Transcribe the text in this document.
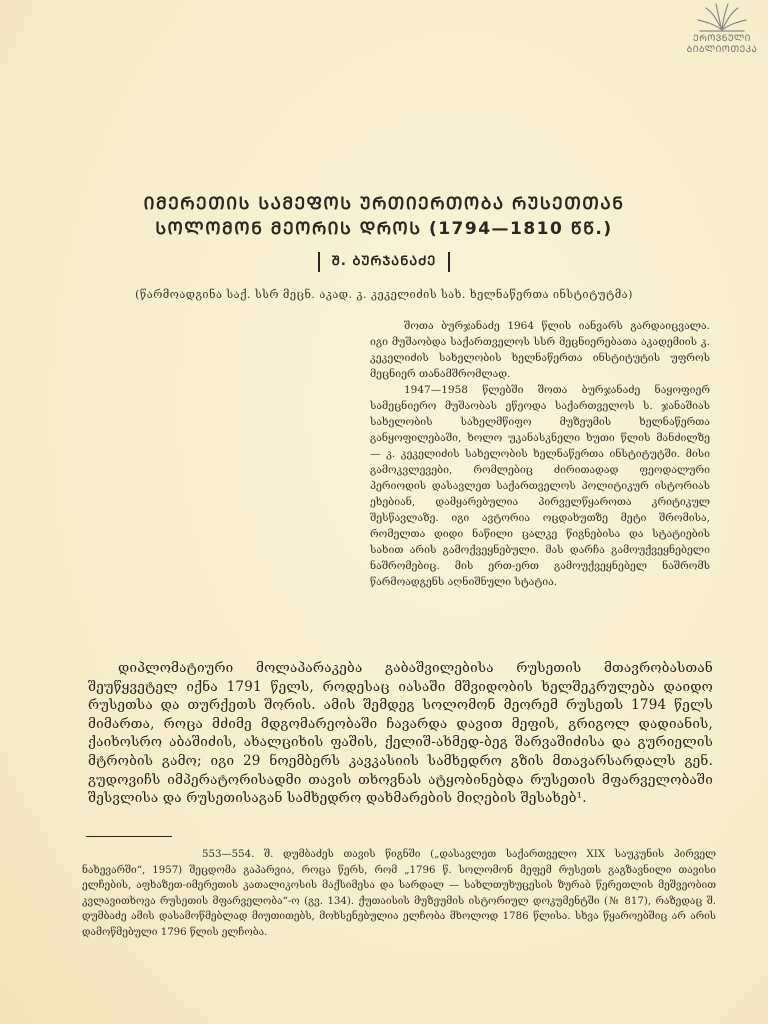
ᲔᲠᲝᲕᲜᲣᲚᲘ
ᲑᲘᲑᲚᲘᲝᲗᲔᲙᲐ
ᲘᲛᲔᲠᲔᲗᲘᲡ ᲡᲐᲛᲔᲤᲝᲡ ᲣᲠᲗᲘᲔᲠᲗᲝᲑᲐ ᲠᲣᲡᲔᲗᲗᲐᲜ
ᲡᲝᲚᲝᲛᲝᲜ ᲛᲔᲝᲠᲘᲡ ᲓᲠᲝᲡ (1794—1810 ᲬᲬ.)
Შ. ᲑᲣᲠᲯᲐᲜᲐᲫᲔ
(წარმოადგინა საქ. სსრ მეცნ. აკად. კ. კეკელიძის სახ. ხელნაწერთა ინსტიტუტმა)

შოთა ბურჯანაძე 1964 წლის იანვარს გარდაიცვალა. იგი მუშაობდა საქართველოს სსრ მეცნიერებათა აკადემიის კ. კეკელიძის სახელობის ხელნაწერთა ინსტიტუტის უფროს მეცნიერ თანამშრომლად.

1947—1958 წლებში შოთა ბურჯანაძე ნაყოფიერ სამეცნიერო მუშაობას ეწეოდა საქართველოს ს. ჯანაშიას სახელობის სახელმწიფო მუზეუმის ხელნაწერთა განყოფილებაში, ხოლო უკანასკნელი ხუთი წლის მანძილზე — კ. კეკელიძის სახელობის ხელნაწერთა ინსტიტუტში. მისი გამოკვლევები, რომლებიც ძირითადად ფეოდალური პერიოდის დასავლეთ საქართველოს პოლიტიკურ ისტორიას ეხებიან, დამყარებულია პირველწყაროთა კრიტიკულ შესწავლაზე. იგი ავტორია ოცდახუთზე მეტი შრომისა, რომელთა დიდი ნაწილი ცალკე წიგნებისა და სტატიების სახით არის გამოქვეყნებული. მას დარჩა გამოუქვეყნებელი ნაშრომებიც. მის ერთ-ერთ გამოუქვეყნებელ ნაშრომს წარმოადგენს აღნიშნული სტატია.

დიპლომატიური მოლაპარაკება გაბაშვილებისა რუსეთის მთავრობასთან შეუწყვეტელ იქნა 1791 წელს, როდესაც იასაში მშვიდობის ხელშეკრულება დაიდო რუსეთსა და თურქეთს შორის. ამის შემდეგ სოლომონ მეორემ რუსეთს 1794 წელს მიმართა, როცა მძიმე მდგომარეობაში ჩავარდა დავით მეფის, გრიგოლ დადიანის, ქაიხოსრო აბაშიძის, ახალციხის ფაშის, ქელიშ-ახმედ-ბეგ შარვაშიძისა და გურიელის მტრობის გამო; იგი 29 ნოემბერს კავკასიის სამხედრო გზის მთავარსარდალს გენ. გუდოვიჩს იმპერატორისადმი თავის თხოვნას ატყობინებდა რუსეთის მფარველობაში შესვლისა და რუსეთისაგან სამხედრო დახმარების მიღების შესახებ¹.

553—554. შ. დუმბაძეს თავის წიგნში („დასავლეთ საქართველო XIX საუკუნის პირველ ნახევარში“, 1957) შეცდომა გაპარვია, როცა წერს, რომ „1796 წ. სოლომონ მეფემ რუსეთს გაგზავნილი თავისი ელჩების, აფხაზეთ-იმერეთის კათალიკოსის მაქსიმესა და სარდალ — სახლთუხუცესის ზურაბ წერეთლის მეშვეობით კვლავითხოვა რუსეთის მფარველობა“-ო (გვ. 134). ქუთაისის მუზეუმის ისტორიულ დოკუმენტში (№ 817), რაზედაც შ. დუმბაძე ამის დასამოწმებლად მიუთითებს, მოხსენებულია ელჩობა მხოლოდ 1786 წლისა. სხვა წყაროებშიც არ არის დამოწმებული 1796 წლის ელჩობა.
